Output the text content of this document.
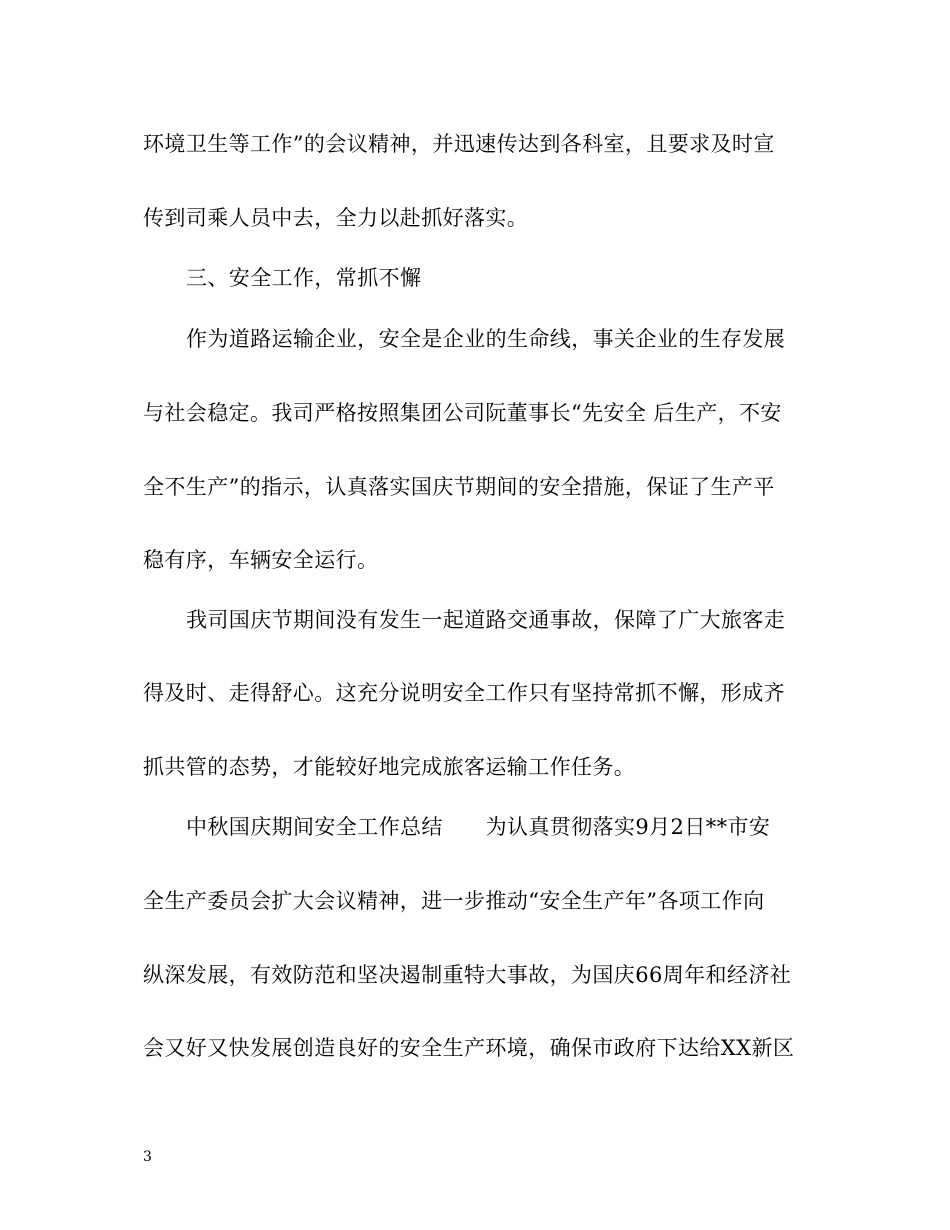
环境卫生等工作”的会议精神，并迅速传达到各科室，且要求及时宣
传到司乘人员中去，全力以赴抓好落实。
三、安全工作，常抓不懈
作为道路运输企业，安全是企业的生命线，事关企业的生存发展
与社会稳定。我司严格按照集团公司阮董事长“先安全 后生产，不安
全不生产”的指示，认真落实国庆节期间的安全措施，保证了生产平
稳有序，车辆安全运行。
我司国庆节期间没有发生一起道路交通事故，保障了广大旅客走
得及时、走得舒心。这充分说明安全工作只有坚持常抓不懈，形成齐
抓共管的态势，才能较好地完成旅客运输工作任务。
中秋国庆期间安全工作总结　　为认真贯彻落实9月2日**市安
全生产委员会扩大会议精神，进一步推动“安全生产年”各项工作向
纵深发展，有效防范和坚决遏制重特大事故，为国庆66周年和经济社
会又好又快发展创造良好的安全生产环境，确保市政府下达给XX新区
3
